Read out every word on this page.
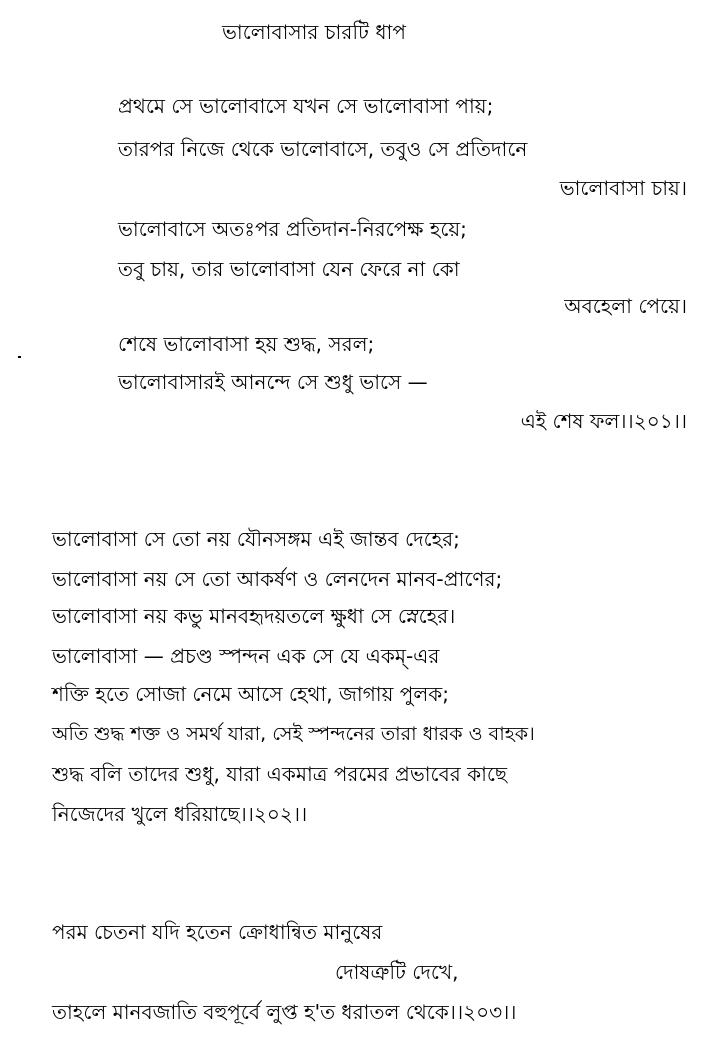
ভালোবাসার চারটি ধাপ
প্রথমে সে ভালোবাসে যখন সে ভালোবাসা পায়;
তারপর নিজে থেকে ভালোবাসে, তবুও সে প্রতিদানে
ভালোবাসা চায়।
ভালোবাসে অতঃপর প্রতিদান-নিরপেক্ষ হয়ে;
তবু চায়, তার ভালোবাসা যেন ফেরে না কো
অবহেলা পেয়ে।
শেষে ভালোবাসা হয় শুদ্ধ, সরল;
ভালোবাসারই আনন্দে সে শুধু ভাসে —
এই শেষ ফল।।২০১।।
ভালোবাসা সে তো নয় যৌনসঙ্গম এই জান্তব দেহের;
ভালোবাসা নয় সে তো আকর্ষণ ও লেনদেন মানব-প্রাণের;
ভালোবাসা নয় কভু মানবহৃদয়তলে ক্ষুধা সে স্নেহের।
ভালোবাসা — প্রচণ্ড স্পন্দন এক সে যে একম্-এর
শক্তি হতে সোজা নেমে আসে হেথা, জাগায় পুলক;
অতি শুদ্ধ শক্ত ও সমর্থ যারা, সেই স্পন্দনের তারা ধারক ও বাহক।
শুদ্ধ বলি তাদের শুধু, যারা একমাত্র পরমের প্রভাবের কাছে
নিজেদের খুলে ধরিয়াছে।।২০২।।
পরম চেতনা যদি হতেন ক্রোধান্বিত মানুষের
দোষত্রুটি দেখে,
তাহলে মানবজাতি বহুপূর্বে লুপ্ত হ'ত ধরাতল থেকে।।২০৩।।
